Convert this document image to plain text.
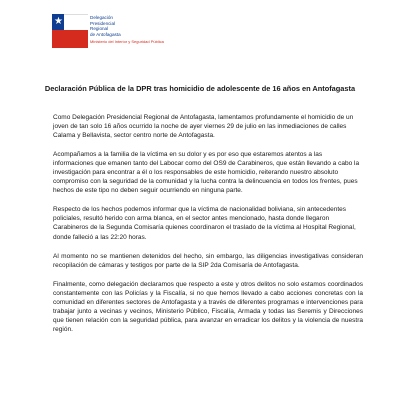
★	Delegación
Presidencial
Regional
de Antofagasta
Ministerio del Interior y Seguridad Pública
Declaración Pública de la DPR tras homicidio de adolescente de 16 años en Antofagasta

Como Delegación Presidencial Regional de Antofagasta, lamentamos profundamente el homicidio de un joven de tan solo 16 años ocurrido la noche de ayer viernes 29 de julio en las inmediaciones de calles Calama y Bellavista, sector centro norte de Antofagasta.

Acompañamos a la familia de la víctima en su dolor y es por eso que estaremos atentos a las informaciones que emanen tanto del Labocar como del OS9 de Carabineros, que están llevando a cabo la investigación para encontrar a él o los responsables de este homicidio, reiterando nuestro absoluto compromiso con la seguridad de la comunidad y la lucha contra la delincuencia en todos los frentes, pues hechos de este tipo no deben seguir ocurriendo en ninguna parte.

Respecto de los hechos podemos informar que la víctima de nacionalidad boliviana, sin antecedentes policiales, resultó herido con arma blanca, en el sector antes mencionado, hasta donde llegaron Carabineros de la Segunda Comisaría quienes coordinaron el traslado de la víctima al Hospital Regional, donde falleció a las 22:20 horas.

Al momento no se mantienen detenidos del hecho, sin embargo, las diligencias investigativas consideran recopilación de cámaras y testigos por parte de la SIP 2da Comisaría de Antofagasta.

Finalmente, como delegación declaramos que respecto a este y otros delitos no solo estamos coordinados constantemente con las Policías y la Fiscalía, si no que hemos llevado a cabo acciones concretas con la comunidad en diferentes sectores de Antofagasta y a través de diferentes programas e intervenciones para trabajar junto a vecinas y vecinos, Ministerio Público, Fiscalía, Armada y todas las Seremis y Direcciones que tienen relación con la seguridad pública, para avanzar en erradicar los delitos y la violencia de nuestra región.
